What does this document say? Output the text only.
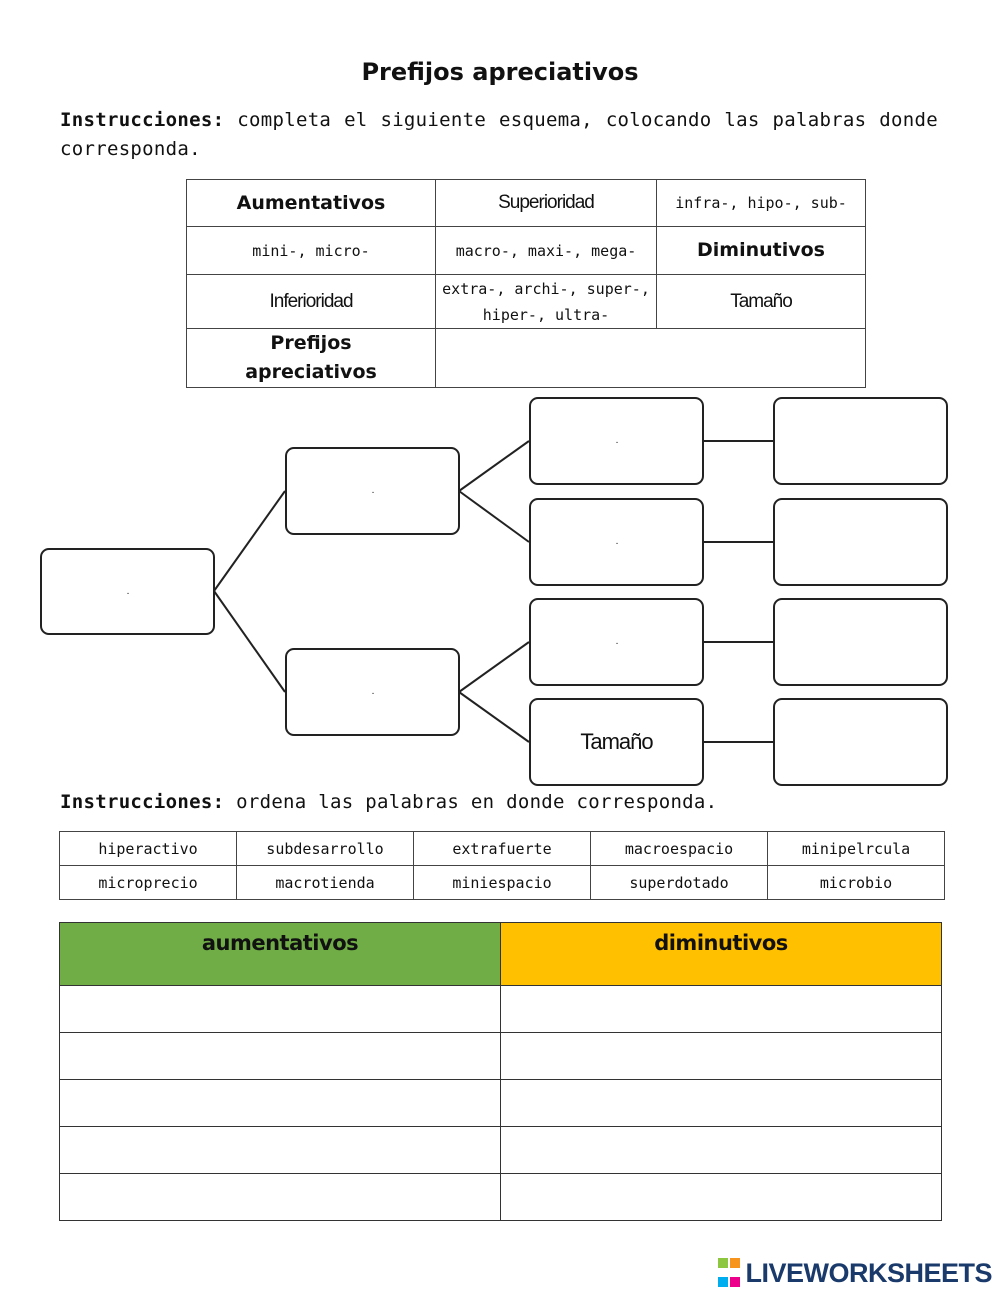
Prefijos apreciativos
Instrucciones: completa el siguiente esquema, colocando las palabras donde corresponda.
Aumentativos	Superioridad	infra-, hipo-, sub-
mini-, micro-	macro-, maxi-, mega-	Diminutivos
Inferioridad	extra-, archi-, super-, hiper-, ultra-	Tamaño
Prefijos apreciativos		
.
.
.
.
.
.
Tamaño
Instrucciones: ordena las palabras en donde corresponda.
hiperactivo	subdesarrollo	extrafuerte	macroespacio	minipelrcula
microprecio	macrotienda	miniespacio	superdotado	microbio
aumentativos	diminutivos

LIVEWORKSHEETS
